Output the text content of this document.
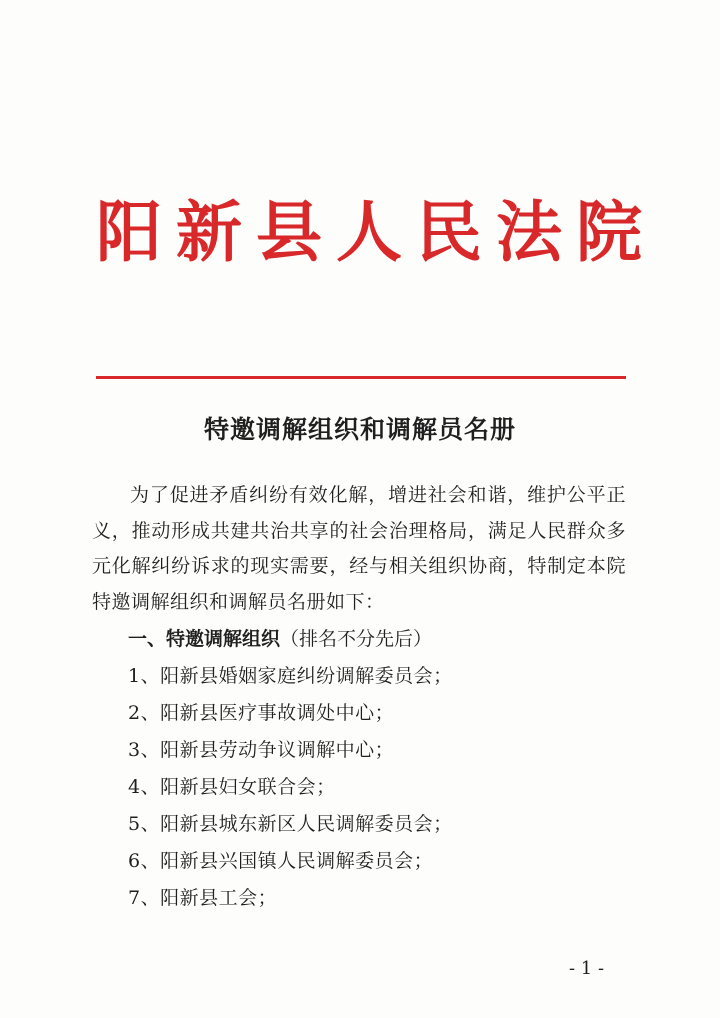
阳新县人民法院
特邀调解组织和调解员名册

为了促进矛盾纠纷有效化解，增进社会和谐，维护公平正义，推动形成共建共治共享的社会治理格局，满足人民群众多元化解纠纷诉求的现实需要，经与相关组织协商，特制定本院特邀调解组织和调解员名册如下：

一、特邀调解组织（排名不分先后）
1、阳新县婚姻家庭纠纷调解委员会；
2、阳新县医疗事故调处中心；
3、阳新县劳动争议调解中心；
4、阳新县妇女联合会；
5、阳新县城东新区人民调解委员会；
6、阳新县兴国镇人民调解委员会；
7、阳新县工会；
- 1 -
